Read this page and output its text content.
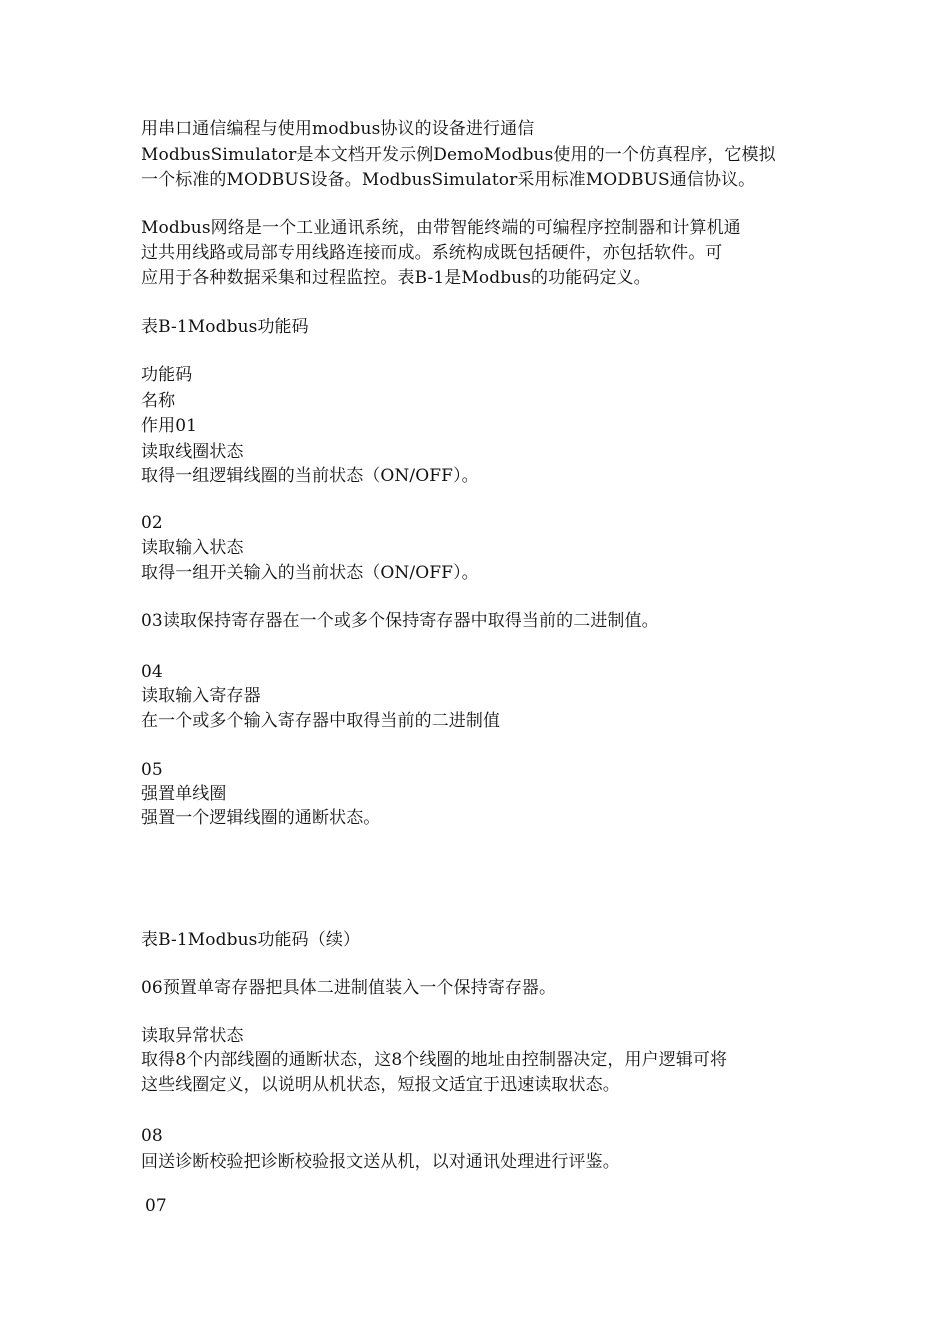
用串口通信编程与使用modbus协议的设备进行通信
ModbusSimulator是本文档开发示例DemoModbus使用的一个仿真程序，它模拟
一个标准的MODBUS设备。ModbusSimulator采用标准MODBUS通信协议。
Modbus网络是一个工业通讯系统，由带智能终端的可编程序控制器和计算机通
过共用线路或局部专用线路连接而成。系统构成既包括硬件，亦包括软件。可
应用于各种数据采集和过程监控。表B-1是Modbus的功能码定义。
表B-1Modbus功能码
功能码
名称
作用01
读取线圈状态
取得一组逻辑线圈的当前状态（ON/OFF）。
02
读取输入状态
取得一组开关输入的当前状态（ON/OFF）。
03读取保持寄存器在一个或多个保持寄存器中取得当前的二进制值。
04
读取输入寄存器
在一个或多个输入寄存器中取得当前的二进制值
05
强置单线圈
强置一个逻辑线圈的通断状态。
表B-1Modbus功能码（续）
06预置单寄存器把具体二进制值装入一个保持寄存器。
读取异常状态
取得8个内部线圈的通断状态，这8个线圈的地址由控制器决定，用户逻辑可将
这些线圈定义，以说明从机状态，短报文适宜于迅速读取状态。
08
回送诊断校验把诊断校验报文送从机，以对通讯处理进行评鉴。
07
